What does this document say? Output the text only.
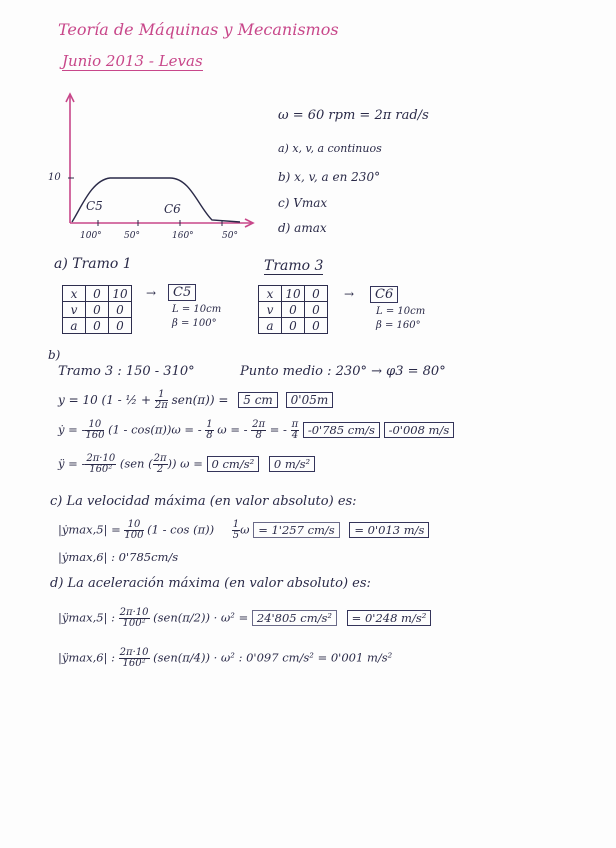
Teoría de Máquinas y Mecanismos
Junio 2013 - Levas
10
C5	C6
100° 50°	160°	50°
ω = 60 rpm = 2π rad/s
a) x, v, a continuos
b) x, v, a en 230°
c) Vmax
d) amax
a) Tramo 1	Tramo 3
x	0	10
v	0	0
a	0	0
→	C5
L = 10cm
β = 100°
x	10	0
v	0	0
a	0	0
→	C6
L = 10cm
β = 160°
b)
Tramo 3 : 150 - 310°	Punto medio : 230° → φ3 = 80°
y = 10 (1 - ½ + $\frac{1}{2\pi} sen(\pi)) = 5$ cm 0'05m
ẏ = - $\frac{10}{160} (1 - \cos(\pi))\omega$ = - $\frac{1}{8}$ ω = - $\frac{2\pi}{8}$ = - $\frac{\pi}{4} -0'785$ cm/s -0'008 m/s
ÿ = - $\frac{2\pi\cdot 10}{\text{160²}} (sen$ ( $\frac{2\pi}{2}$ )) ω = 0 cm/s² 0 m/s²
c) La velocidad máxima (en valor absoluto) es:
|ẏmax,5| = $\frac{10}{100} (1$ - $\cos (\pi)) \frac{1}{5}$ ω = 1'257 cm/s = 0'013 m/s
|ẏmax,6| : 0'785cm/s
d) La aceleración máxima (en valor absoluto) es:
|ÿmax,5| : $\frac{2\pi\cdot 10}{\text{100²}} (sen(\pi/2)) \cdot \omega^2 = 24'805$ cm/s² = 0'248 m/s²
|ÿmax,6| : $\frac{2\pi\cdot 10}{\text{160²}} (sen(\pi/4)) \cdot \omega^2$ : 0'097 cm/s² = 0'001 m/s²
